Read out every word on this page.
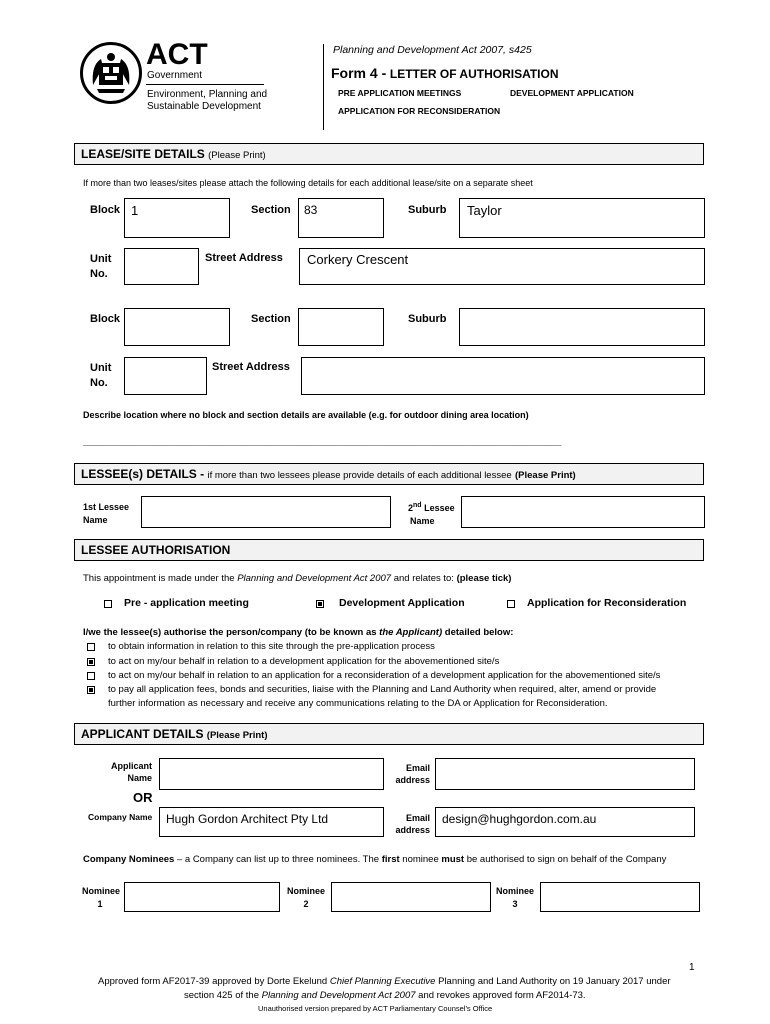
ACT
Government
Environment, Planning and
Sustainable Development
Planning and Development Act 2007, s425
Form 4 - LETTER OF AUTHORISATION
PRE APPLICATION MEETINGS	DEVELOPMENT APPLICATION
APPLICATION FOR RECONSIDERATION
LEASE/SITE DETAILS (Please Print)
If more than two leases/sites please attach the following details for each additional lease/site on a separate sheet
Block 1	Section 83	Suburb Taylor
Unit
No.
Street Address Corkery Crescent
Block	Section	Suburb
Unit
No.
Street Address
Describe location where no block and section details are available (e.g. for outdoor dining area location)
______________________________________________________________________________________
LESSEE(s) DETAILS - if more than two lessees please provide details of each additional lessee (Please Print)
1st Lessee
Name
2nd Lessee
Name
LESSEE AUTHORISATION
This appointment is made under the Planning and Development Act 2007 and relates to: (please tick)
Pre - application meeting	Development Application	Application for Reconsideration
I/we the lessee(s) authorise the person/company (to be known as the Applicant) detailed below:
to obtain information in relation to this site through the pre-application process
to act on my/our behalf in relation to a development application for the abovementioned site/s
to act on my/our behalf in relation to an application for a reconsideration of a development application for the abovementioned site/s
to pay all application fees, bonds and securities, liaise with the Planning and Land Authority when required, alter, amend or provide
further information as necessary and receive any communications relating to the DA or Application for Reconsideration.
APPLICANT DETAILS (Please Print)
Applicant
Name
Email
address
OR
Company Name Hugh Gordon Architect Pty Ltd	Email
address
design@hughgordon.com.au
Company Nominees – a Company can list up to three nominees. The first nominee must be authorised to sign on behalf of the Company
Nominee
1
Nominee
2
Nominee
3
1
Approved form AF2017-39 approved by Dorte Ekelund Chief Planning Executive Planning and Land Authority on 19 January 2017 under
section 425 of the Planning and Development Act 2007 and revokes approved form AF2014-73.
Unauthorised version prepared by ACT Parliamentary Counsel's Office
